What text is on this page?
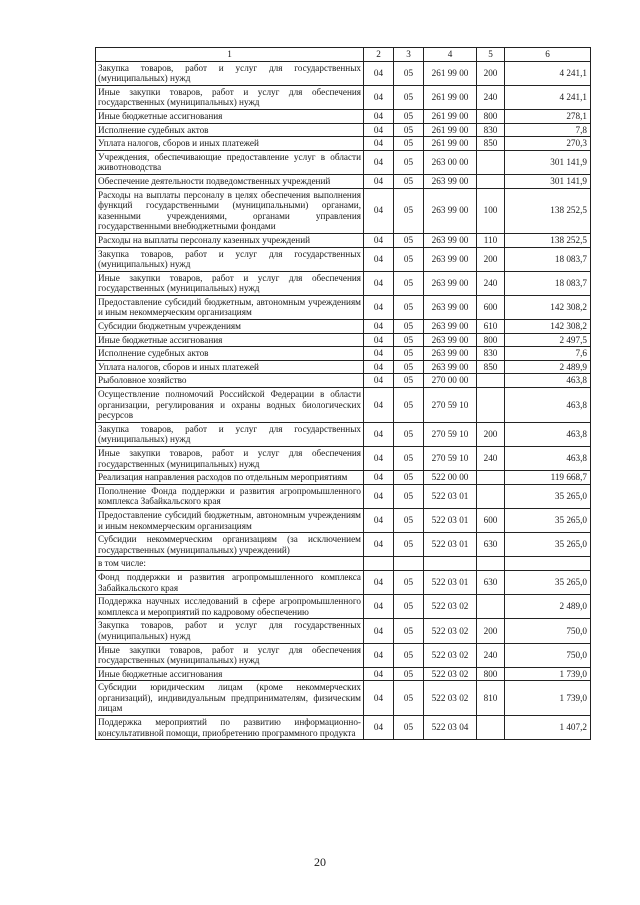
1	2	3	4	5	6
Закупка товаров, работ и услуг для государственных (муниципальных) нужд	04	05	261 99 00	200	4 241,1
Иные закупки товаров, работ и услуг для обеспечения государственных (муниципальных) нужд	04	05	261 99 00	240	4 241,1
Иные бюджетные ассигнования	04	05	261 99 00	800	278,1
Исполнение судебных актов	04	05	261 99 00	830	7,8
Уплата налогов, сборов и иных платежей	04	05	261 99 00	850	270,3
Учреждения, обеспечивающие предоставление услуг в области животноводства	04	05	263 00 00		301 141,9
Обеспечение деятельности подведомственных учреждений	04	05	263 99 00		301 141,9
Расходы на выплаты персоналу в целях обеспечения выполнения функций государственными (муниципальными) органами, казенными учреждениями, органами управления государственными внебюджетными фондами	04	05	263 99 00	100	138 252,5
Расходы на выплаты персоналу казенных учреждений	04	05	263 99 00	110	138 252,5
Закупка товаров, работ и услуг для государственных (муниципальных) нужд	04	05	263 99 00	200	18 083,7
Иные закупки товаров, работ и услуг для обеспечения государственных (муниципальных) нужд	04	05	263 99 00	240	18 083,7
Предоставление субсидий бюджетным, автономным учреждениям и иным некоммерческим организациям	04	05	263 99 00	600	142 308,2
Субсидии бюджетным учреждениям	04	05	263 99 00	610	142 308,2
Иные бюджетные ассигнования	04	05	263 99 00	800	2 497,5
Исполнение судебных актов	04	05	263 99 00	830	7,6
Уплата налогов, сборов и иных платежей	04	05	263 99 00	850	2 489,9
Рыболовное хозяйство	04	05	270 00 00		463,8
Осуществление полномочий Российской Федерации в области организации, регулирования и охраны водных биологических ресурсов	04	05	270 59 10		463,8
Закупка товаров, работ и услуг для государственных (муниципальных) нужд	04	05	270 59 10	200	463,8
Иные закупки товаров, работ и услуг для обеспечения государственных (муниципальных) нужд	04	05	270 59 10	240	463,8
Реализация направления расходов по отдельным мероприятиям	04	05	522 00 00		119 668,7
Пополнение Фонда поддержки и развития агропромышленного комплекса Забайкальского края	04	05	522 03 01		35 265,0
Предоставление субсидий бюджетным, автономным учреждениям и иным некоммерческим организациям	04	05	522 03 01	600	35 265,0
Субсидии некоммерческим организациям (за исключением государственных (муниципальных) учреждений)	04	05	522 03 01	630	35 265,0
в том числе:					
Фонд поддержки и развития агропромышленного комплекса Забайкальского края	04	05	522 03 01	630	35 265,0
Поддержка научных исследований в сфере агропромышленного комплекса и мероприятий по кадровому обеспечению	04	05	522 03 02		2 489,0
Закупка товаров, работ и услуг для государственных (муниципальных) нужд	04	05	522 03 02	200	750,0
Иные закупки товаров, работ и услуг для обеспечения государственных (муниципальных) нужд	04	05	522 03 02	240	750,0
Иные бюджетные ассигнования	04	05	522 03 02	800	1 739,0
Субсидии юридическим лицам (кроме некоммерческих организаций), индивидуальным предпринимателям, физическим лицам	04	05	522 03 02	810	1 739,0
Поддержка мероприятий по развитию информационно-консультативной помощи, приобретению программного продукта	04	05	522 03 04		1 407,2
20
